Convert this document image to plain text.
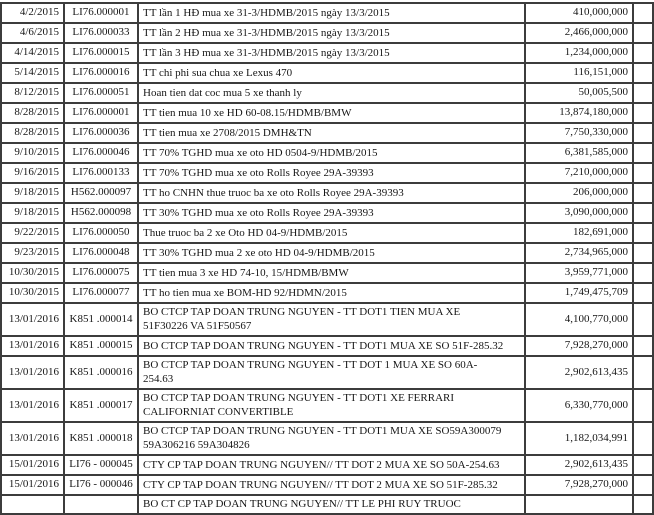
4/2/2015	LI76.000001	TT lần 1 HĐ mua xe 31-3/HDMB/2015 ngày 13/3/2015	410,000,000	
4/6/2015	LI76.000033	TT lần 2 HĐ mua xe 31-3/HDMB/2015 ngày 13/3/2015	2,466,000,000	
4/14/2015	LI76.000015	TT lần 3 HĐ mua xe 31-3/HDMB/2015 ngày 13/3/2015	1,234,000,000	
5/14/2015	LI76.000016	TT chi phi sua chua xe Lexus 470	116,151,000	
8/12/2015	LI76.000051	Hoan tien dat coc mua 5 xe thanh ly	50,005,500	
8/28/2015	LI76.000001	TT tien mua 10 xe HD 60-08.15/HDMB/BMW	13,874,180,000	
8/28/2015	LI76.000036	TT tien mua xe 2708/2015 DMH&TN	7,750,330,000	
9/10/2015	LI76.000046	TT 70% TGHD mua xe oto HD 0504-9/HDMB/2015	6,381,585,000	
9/16/2015	LI76.000133	TT 70% TGHD mua xe oto Rolls Royee 29A-39393	7,210,000,000	
9/18/2015	H562.000097	TT ho CNHN thue truoc ba xe oto Rolls Royee 29A-39393	206,000,000	
9/18/2015	H562.000098	TT 30% TGHD mua xe oto Rolls Royee 29A-39393	3,090,000,000	
9/22/2015	LI76.000050	Thue truoc ba 2 xe Oto HD 04-9/HDMB/2015	182,691,000	
9/23/2015	LI76.000048	TT 30% TGHD mua 2 xe oto HD 04-9/HDMB/2015	2,734,965,000	
10/30/2015	LI76.000075	TT tien mua 3 xe HD 74-10, 15/HDMB/BMW	3,959,771,000	
10/30/2015	LI76.000077	TT ho tien mua xe BOM-HD 92/HDMN/2015	1,749,475,709	
13/01/2016	K851 .000014	BO CTCP TAP DOAN TRUNG NGUYEN - TT DOT1 TIEN MUA XE
51F30226 VA 51F50567	4,100,770,000	
13/01/2016	K851 .000015	BO CTCP TAP DOAN TRUNG NGUYEN - TT DOT1 MUA XE SO 51F-285.32	7,928,270,000	
13/01/2016	K851 .000016	BO CTCP TAP DOAN TRUNG NGUYEN - TT DOT 1 MUA XE SO 60A-
254.63	2,902,613,435	
13/01/2016	K851 .000017	BO CTCP TAP DOAN TRUNG NGUYEN - TT DOT1 XE FERRARI
CALIFORNIAT CONVERTIBLE	6,330,770,000	
13/01/2016	K851 .000018	BO CTCP TAP DOAN TRUNG NGUYEN - TT DOT1 MUA XE SO59A300079
59A306216 59A304826	1,182,034,991	
15/01/2016	LI76 - 000045	CTY CP TAP DOAN TRUNG NGUYEN// TT DOT 2 MUA XE SO 50A-254.63	2,902,613,435	
15/01/2016	LI76 - 000046	CTY CP TAP DOAN TRUNG NGUYEN// TT DOT 2 MUA XE SO 51F-285.32	7,928,270,000	

		BO CT CP TAP DOAN TRUNG NGUYEN// TT LE PHI RUY TRUOC		
